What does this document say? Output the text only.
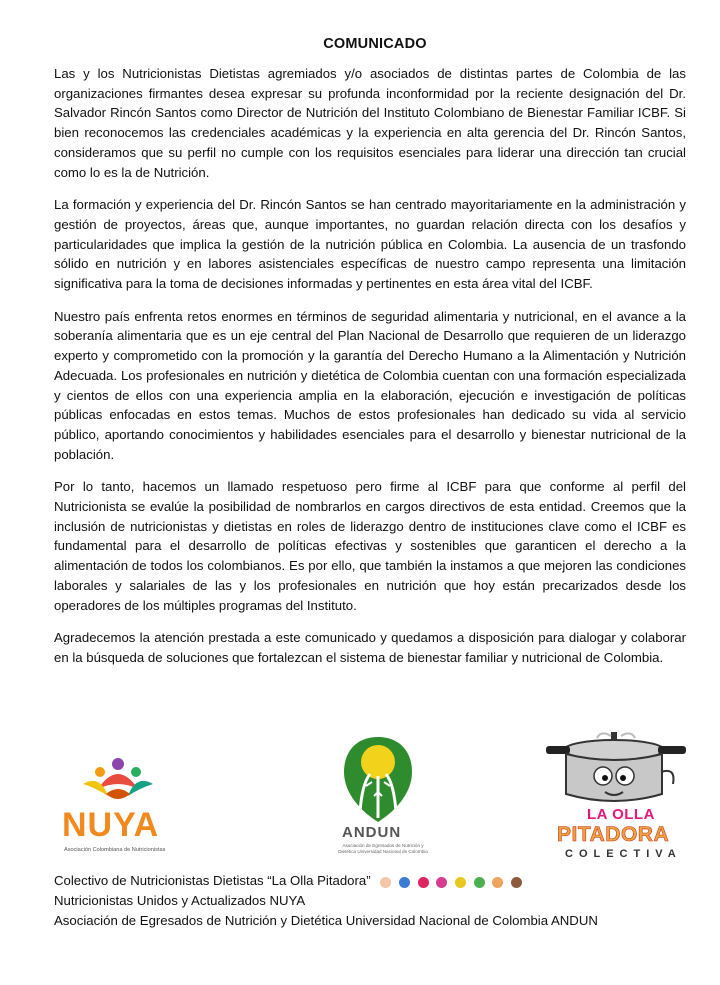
COMUNICADO

Las y los Nutricionistas Dietistas agremiados y/o asociados de distintas partes de Colombia de las organizaciones firmantes desea expresar su profunda inconformidad por la reciente designación del Dr. Salvador Rincón Santos como Director de Nutrición del Instituto Colombiano de Bienestar Familiar ICBF. Si bien reconocemos las credenciales académicas y la experiencia en alta gerencia del Dr. Rincón Santos, consideramos que su perfil no cumple con los requisitos esenciales para liderar una dirección tan crucial como lo es la de Nutrición.

La formación y experiencia del Dr. Rincón Santos se han centrado mayoritariamente en la administración y gestión de proyectos, áreas que, aunque importantes, no guardan relación directa con los desafíos y particularidades que implica la gestión de la nutrición pública en Colombia. La ausencia de un trasfondo sólido en nutrición y en labores asistenciales específicas de nuestro campo representa una limitación significativa para la toma de decisiones informadas y pertinentes en esta área vital del ICBF.

Nuestro país enfrenta retos enormes en términos de seguridad alimentaria y nutricional, en el avance a la soberanía alimentaria que es un eje central del Plan Nacional de Desarrollo que requieren de un liderazgo experto y comprometido con la promoción y la garantía del Derecho Humano a la Alimentación y Nutrición Adecuada. Los profesionales en nutrición y dietética de Colombia cuentan con una formación especializada y cientos de ellos con una experiencia amplia en la elaboración, ejecución e investigación de políticas públicas enfocadas en estos temas. Muchos de estos profesionales han dedicado su vida al servicio público, aportando conocimientos y habilidades esenciales para el desarrollo y bienestar nutricional de la población.

Por lo tanto, hacemos un llamado respetuoso pero firme al ICBF para que conforme al perfil del Nutricionista se evalúe la posibilidad de nombrarlos en cargos directivos de esta entidad. Creemos que la inclusión de nutricionistas y dietistas en roles de liderazgo dentro de instituciones clave como el ICBF es fundamental para el desarrollo de políticas efectivas y sostenibles que garanticen el derecho a la alimentación de todos los colombianos. Es por ello, que también la instamos a que mejoren las condiciones laborales y salariales de las y los profesionales en nutrición que hoy están precarizados desde los operadores de los múltiples programas del Instituto.

Agradecemos la atención prestada a este comunicado y quedamos a disposición para dialogar y colaborar en la búsqueda de soluciones que fortalezcan el sistema de bienestar familiar y nutricional de Colombia.

NUYA
Asociación Colombiana de Nutricionistas
ANDUN
Asociación de Egresados de Nutrición y Dietética Universidad Nacional de Colombia
LA OLLA
PITADORA
COLECTIVA
Colectivo de Nutricionistas Dietistas “La Olla Pitadora”
Nutricionistas Unidos y Actualizados NUYA
Asociación de Egresados de Nutrición y Dietética Universidad Nacional de Colombia ANDUN
